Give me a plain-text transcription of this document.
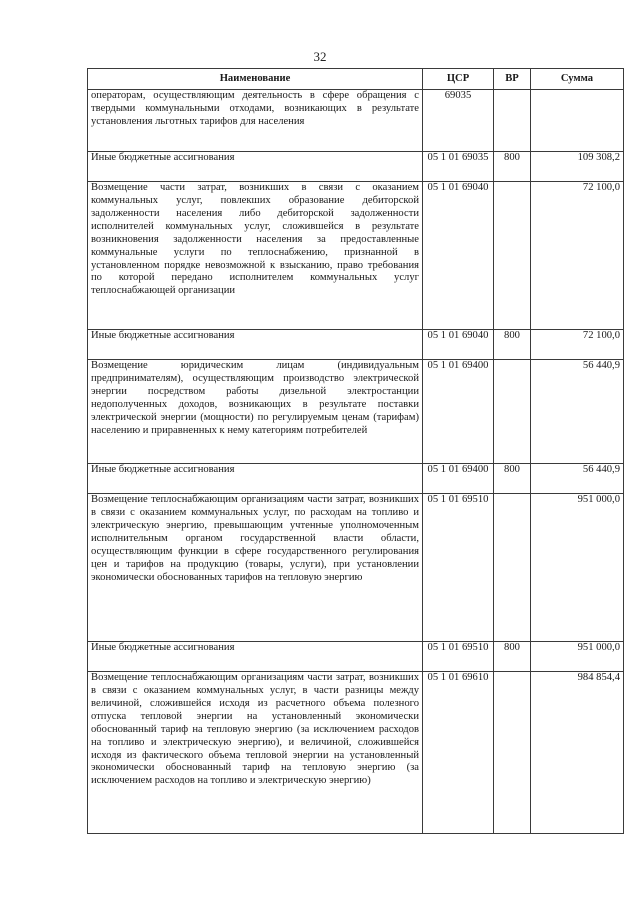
32
Наименование	ЦСР	ВР	Сумма
операторам, осуществляющим деятельность в сфере обращения с твердыми коммунальными отходами, возникающих в результате установления льготных тарифов для населения	69035		
Иные бюджетные ассигнования	05 1 01 69035	800	109 308,2
Возмещение части затрат, возникших в связи с оказанием коммунальных услуг, повлекших образование дебиторской задолженности населения либо дебиторской задолженности исполнителей коммунальных услуг, сложившейся в результате возникновения задолженности населения за предоставленные коммунальные услуги по теплоснабжению, признанной в установленном порядке невозможной к взысканию, право требования по которой передано исполнителем коммунальных услуг теплоснабжающей организации	05 1 01 69040		72 100,0
Иные бюджетные ассигнования	05 1 01 69040	800	72 100,0
Возмещение юридическим лицам (индивидуальным предпринимателям), осуществляющим производство электрической энергии посредством работы дизельной электростанции недополученных доходов, возникающих в результате поставки электрической энергии (мощности) по регулируемым ценам (тарифам) населению и приравненных к нему категориям потребителей	05 1 01 69400		56 440,9
Иные бюджетные ассигнования	05 1 01 69400	800	56 440,9
Возмещение теплоснабжающим организациям части затрат, возникших в связи с оказанием коммунальных услуг, по расходам на топливо и электрическую энергию, превышающим учтенные уполномоченным исполнительным органом государственной власти области, осуществляющим функции в сфере государственного регулирования цен и тарифов на продукцию (товары, услуги), при установлении экономически обоснованных тарифов на тепловую энергию	05 1 01 69510		951 000,0
Иные бюджетные ассигнования	05 1 01 69510	800	951 000,0
Возмещение теплоснабжающим организациям части затрат, возникших в связи с оказанием коммунальных услуг, в части разницы между величиной, сложившейся исходя из расчетного объема полезного отпуска тепловой энергии на установленный экономически обоснованный тариф на тепловую энергию (за исключением расходов на топливо и электрическую энергию), и величиной, сложившейся исходя из фактического объема тепловой энергии на установленный экономически обоснованный тариф на тепловую энергию (за исключением расходов на топливо и электрическую энергию)	05 1 01 69610		984 854,4
